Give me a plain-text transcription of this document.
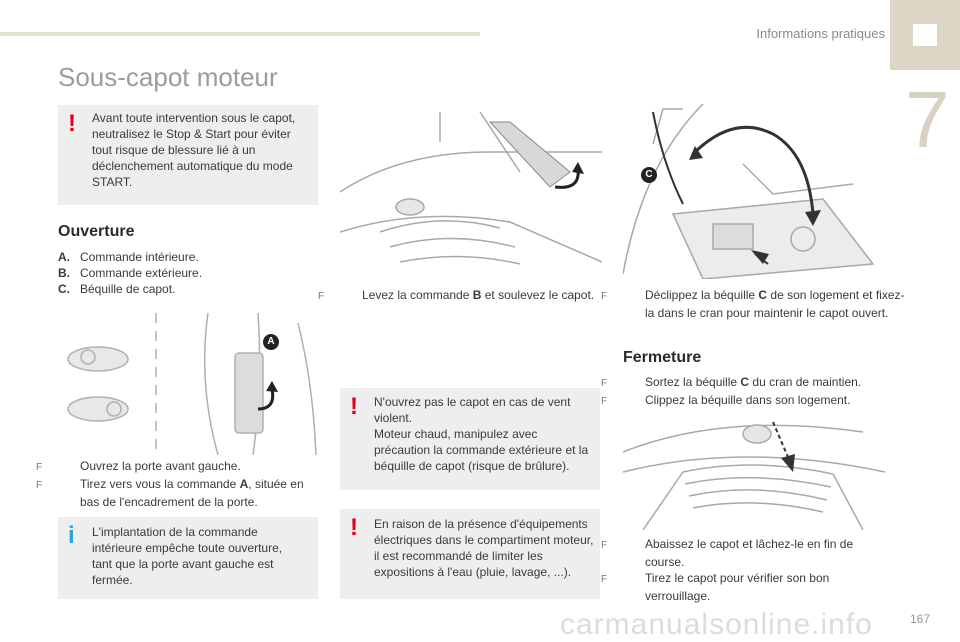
Informations pratiques
7
Sous-capot moteur
! Avant toute intervention sous le capot, neutralisez le Stop & Start pour éviter tout risque de blessure lié à un déclenchement automatique du mode START.
Ouverture
A. Commande intérieure.
B. Commande extérieure.
C. Béquille de capot.
A
F	Ouvrez la porte avant gauche.
F	Tirez vers vous la commande A, située en bas de l'encadrement de la porte.
i L'implantation de la commande intérieure empêche toute ouverture, tant que la porte avant gauche est fermée.
F	Levez la commande B et soulevez le capot.
! N'ouvrez pas le capot en cas de vent violent.
Moteur chaud, manipulez avec précaution la commande extérieure et la béquille de capot (risque de brûlure).
! En raison de la présence d'équipements électriques dans le compartiment moteur, il est recommandé de limiter les expositions à l'eau (pluie, lavage, ...).
C
F	Déclippez la béquille C de son logement et fixez-la dans le cran pour maintenir le capot ouvert.
Fermeture
F	Sortez la béquille C du cran de maintien.
F	Clippez la béquille dans son logement.
F	Abaissez le capot et lâchez-le en fin de course.
F	Tirez le capot pour vérifier son bon verrouillage.
carmanualsonline.info	167
